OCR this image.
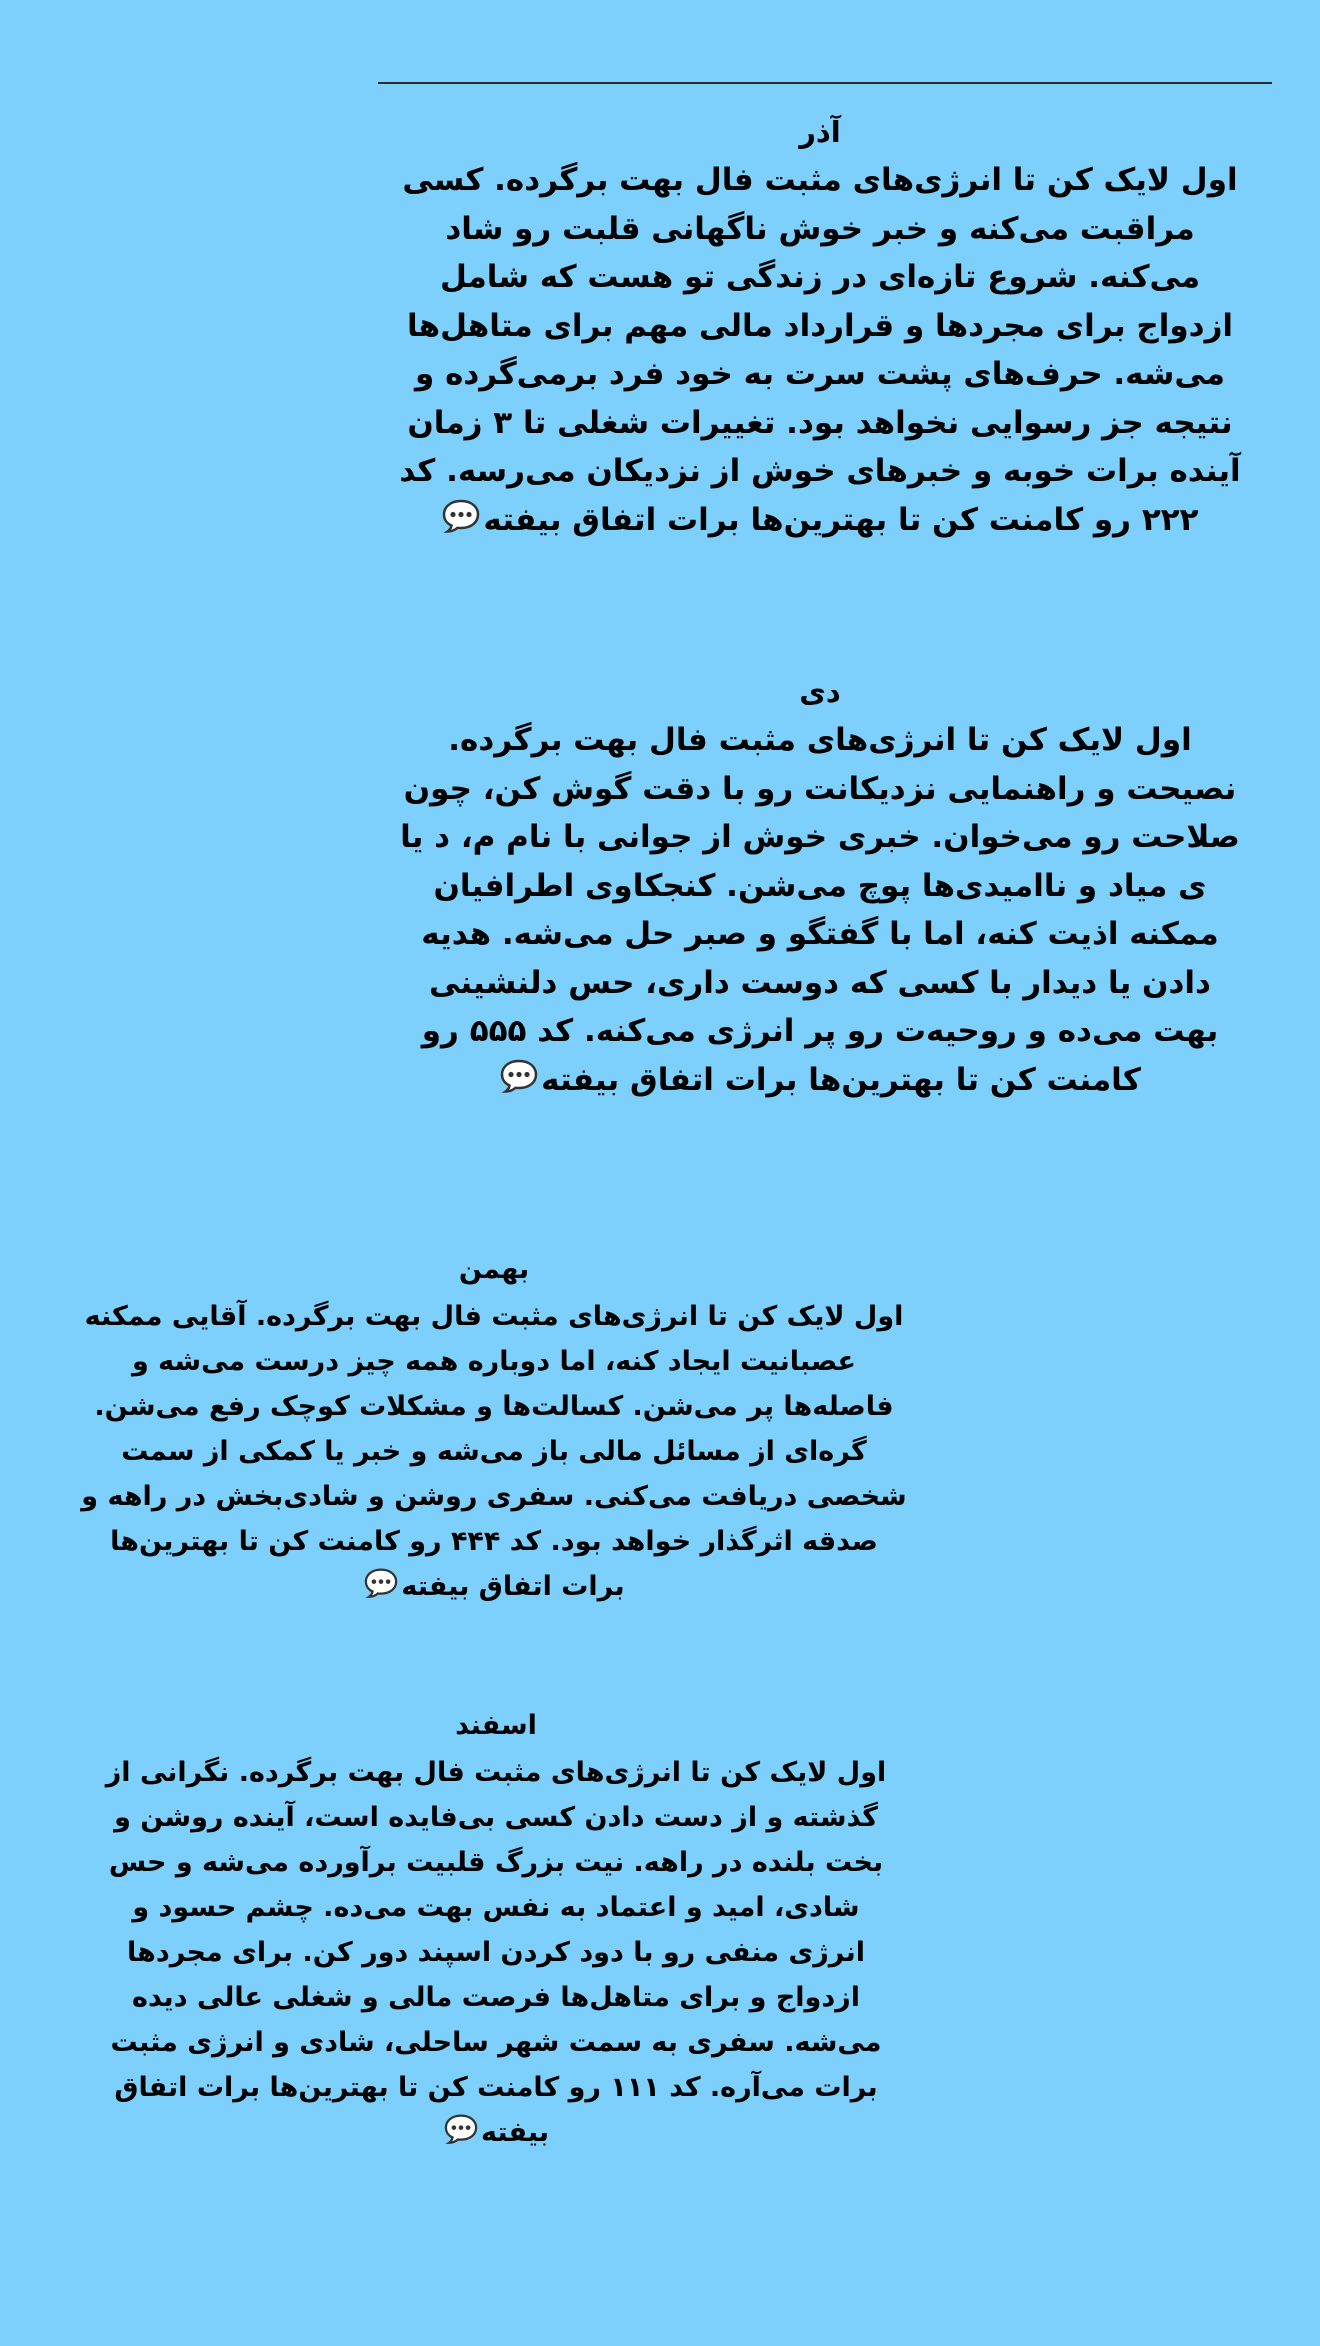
آذر
اول لایک کن تا انرژی‌های مثبت فال بهت برگرده. کسی مراقبت می‌کنه و خبر خوش ناگهانی قلبت رو شاد می‌کنه. شروع تازه‌ای در زندگی تو هست که شامل ازدواج برای مجردها و قرارداد مالی مهم برای متاهل‌ها می‌شه. حرف‌های پشت سرت به خود فرد برمی‌گرده و نتیجه جز رسوایی نخواهد بود. تغییرات شغلی تا ۳ زمان آینده برات خوبه و خبرهای خوش از نزدیکان می‌رسه. کد ۲۲۲ رو کامنت کن تا بهترین‌ها برات اتفاق بیفته
دی
اول لایک کن تا انرژی‌های مثبت فال بهت برگرده. نصیحت و راهنمایی نزدیکانت رو با دقت گوش کن، چون صلاحت رو می‌خوان. خبری خوش از جوانی با نام م، د یا ی میاد و ناامیدی‌ها پوچ می‌شن. کنجکاوی اطرافیان ممکنه اذیت کنه، اما با گفتگو و صبر حل می‌شه. هدیه دادن یا دیدار با کسی که دوست داری، حس دلنشینی بهت می‌ده و روحیه‌ت رو پر انرژی می‌کنه. کد ۵۵۵ رو کامنت کن تا بهترین‌ها برات اتفاق بیفته
بهمن
اول لایک کن تا انرژی‌های مثبت فال بهت برگرده. آقایی ممکنه عصبانیت ایجاد کنه، اما دوباره همه چیز درست می‌شه و فاصله‌ها پر می‌شن. کسالت‌ها و مشکلات کوچک رفع می‌شن. گره‌ای از مسائل مالی باز می‌شه و خبر یا کمکی از سمت شخصی دریافت می‌کنی. سفری روشن و شادی‌بخش در راهه و صدقه اثرگذار خواهد بود. کد ۴۴۴ رو کامنت کن تا بهترین‌ها برات اتفاق بیفته
اسفند
اول لایک کن تا انرژی‌های مثبت فال بهت برگرده. نگرانی از گذشته و از دست دادن کسی بی‌فایده است، آینده روشن و بخت بلنده در راهه. نیت بزرگ قلبیت برآورده می‌شه و حس شادی، امید و اعتماد به نفس بهت می‌ده. چشم حسود و انرژی منفی رو با دود کردن اسپند دور کن. برای مجردها ازدواج و برای متاهل‌ها فرصت مالی و شغلی عالی دیده می‌شه. سفری به سمت شهر ساحلی، شادی و انرژی مثبت برات می‌آره. کد ۱۱۱ رو کامنت کن تا بهترین‌ها برات اتفاق بیفته
